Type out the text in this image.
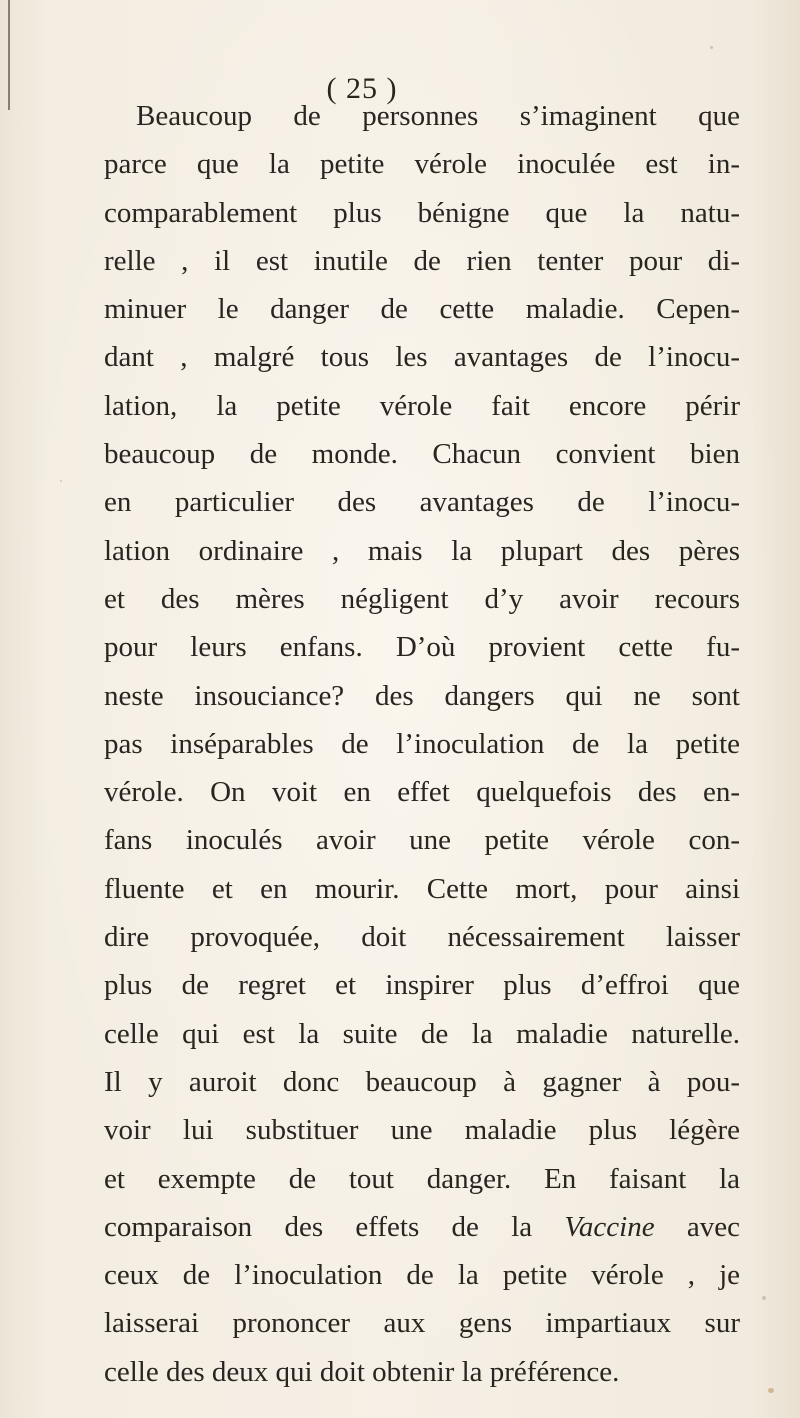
( 25 )
Beaucoup de personnes s’imaginent que
parce que la petite vérole inoculée est in-
comparablement plus bénigne que la natu-
relle , il est inutile de rien tenter pour di-
minuer le danger de cette maladie. Cepen-
dant , malgré tous les avantages de l’inocu-
lation, la petite vérole fait encore périr
beaucoup de monde. Chacun convient bien
en particulier des avantages de l’inocu-
lation ordinaire , mais la plupart des pères
et des mères négligent d’y avoir recours
pour leurs enfans. D’où provient cette fu-
neste insouciance? des dangers qui ne sont
pas inséparables de l’inoculation de la petite
vérole. On voit en effet quelquefois des en-
fans inoculés avoir une petite vérole con-
fluente et en mourir. Cette mort, pour ainsi
dire provoquée, doit nécessairement laisser
plus de regret et inspirer plus d’effroi que
celle qui est la suite de la maladie naturelle.
Il y auroit donc beaucoup à gagner à pou-
voir lui substituer une maladie plus légère
et exempte de tout danger. En faisant la
comparaison des effets de la Vaccine avec
ceux de l’inoculation de la petite vérole , je
laisserai prononcer aux gens impartiaux sur
celle des deux qui doit obtenir la préférence.
